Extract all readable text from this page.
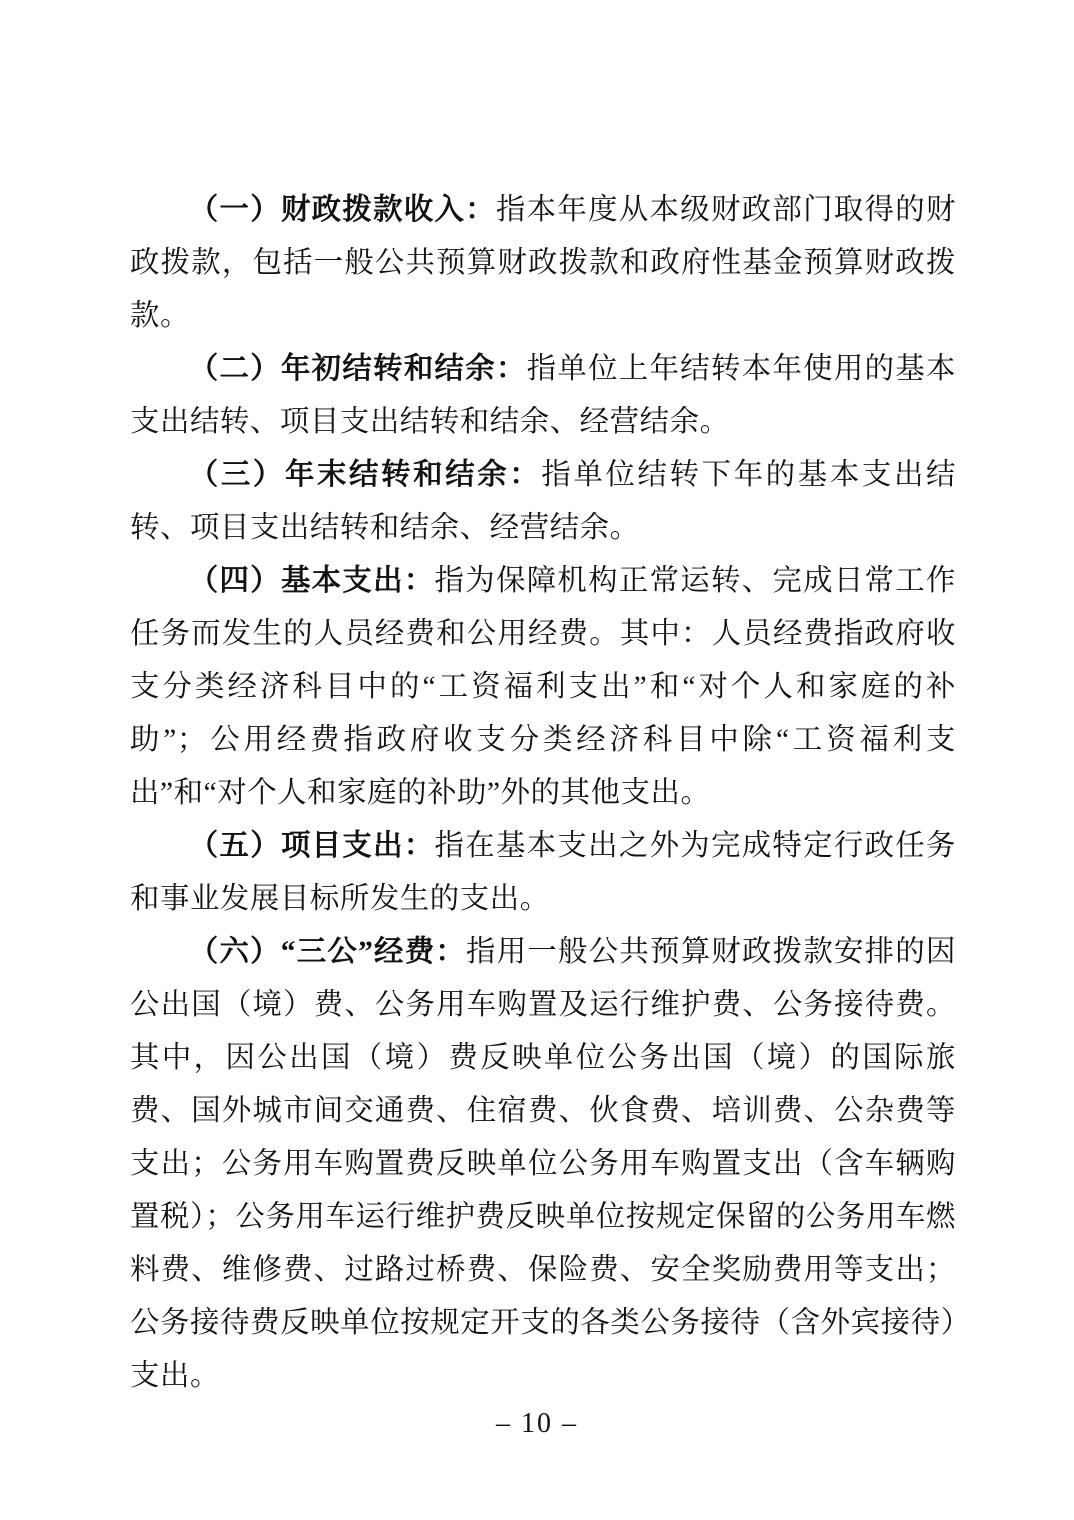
（一）财政拨款收入：指本年度从本级财政部门取得的财政拨款，包括一般公共预算财政拨款和政府性基金预算财政拨款。

（二）年初结转和结余：指单位上年结转本年使用的基本支出结转、项目支出结转和结余、经营结余。

（三）年末结转和结余：指单位结转下年的基本支出结转、项目支出结转和结余、经营结余。

（四）基本支出：指为保障机构正常运转、完成日常工作任务而发生的人员经费和公用经费。其中：人员经费指政府收支分类经济科目中的“工资福利支出”和“对个人和家庭的补助”；公用经费指政府收支分类经济科目中除“工资福利支出”和“对个人和家庭的补助”外的其他支出。

（五）项目支出：指在基本支出之外为完成特定行政任务和事业发展目标所发生的支出。

（六）“三公”经费：指用一般公共预算财政拨款安排的因公出国（境）费、公务用车购置及运行维护费、公务接待费。其中，因公出国（境）费反映单位公务出国（境）的国际旅费、国外城市间交通费、住宿费、伙食费、培训费、公杂费等支出；公务用车购置费反映单位公务用车购置支出（含车辆购置税）；公务用车运行维护费反映单位按规定保留的公务用车燃料费、维修费、过路过桥费、保险费、安全奖励费用等支出；公务接待费反映单位按规定开支的各类公务接待（含外宾接待）支出。

– 10 –
